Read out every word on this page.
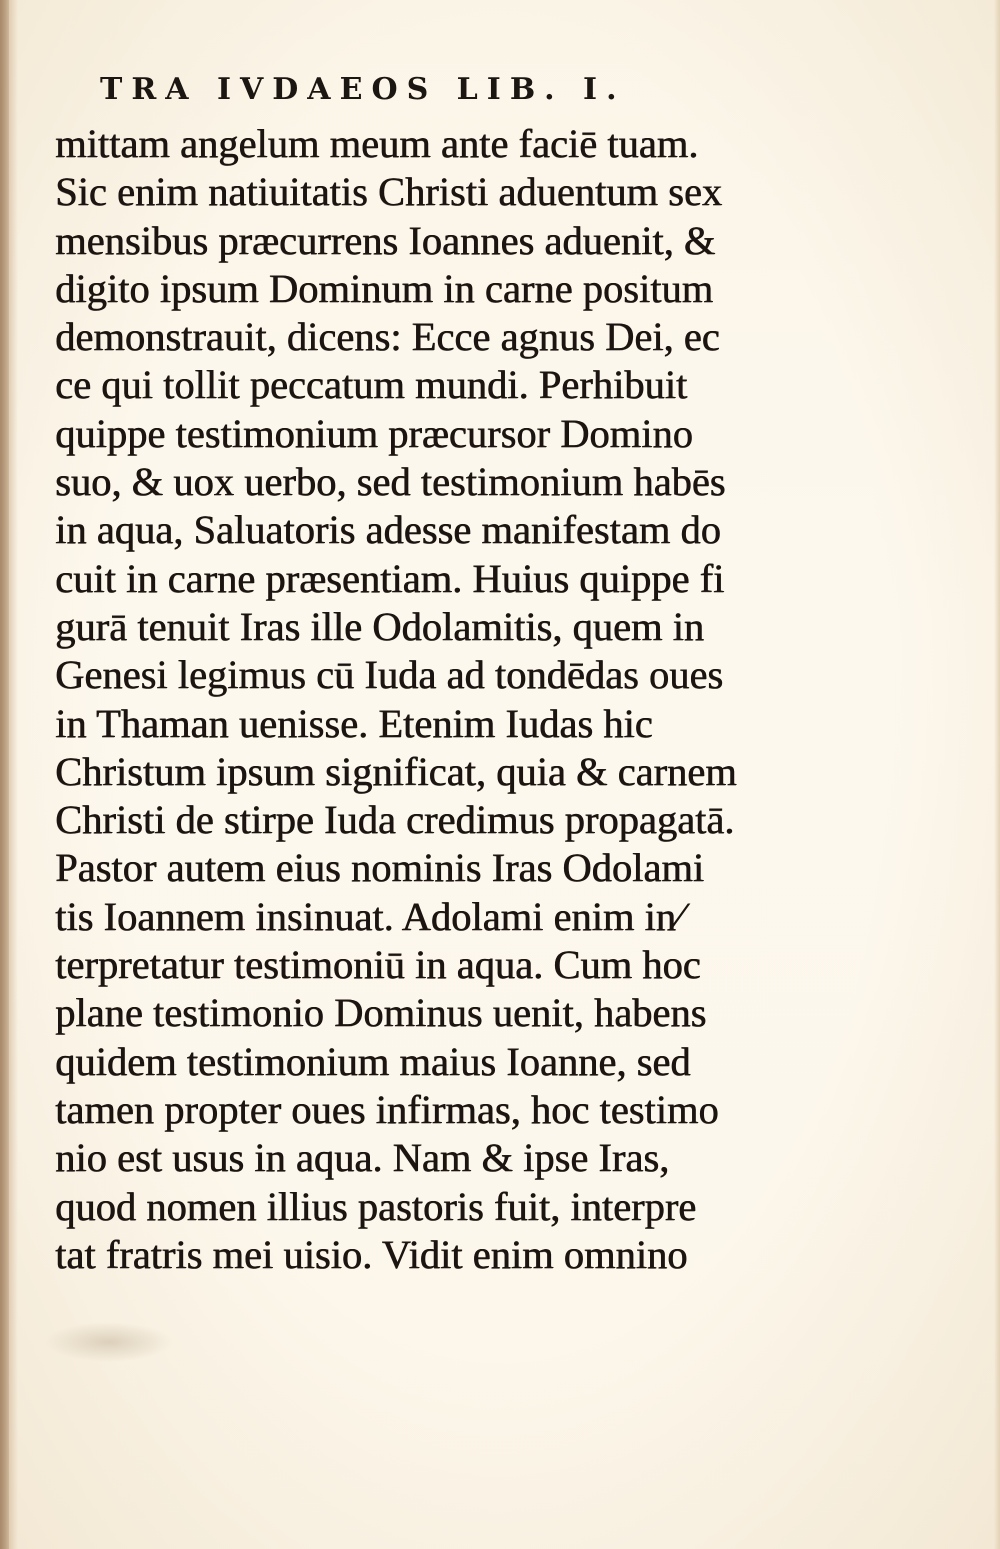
TRA IVDAEOS LIB. I.
mittam angelum meum ante faciē tuam.
Sic enim natiuitatis Christi aduentum sex
mensibus præcurrens Ioannes aduenit, &
digito ipsum Dominum in carne positum
demonstrauit, dicens: Ecce agnus Dei, ec
ce qui tollit peccatum mundi. Perhibuit
quippe testimonium præcursor Domino
suo, & uox uerbo, sed testimonium habēs
in aqua, Saluatoris adesse manifestam do
cuit in carne præsentiam. Huius quippe fi
gurā tenuit Iras ille Odolamitis, quem in
Genesi legimus cū Iuda ad tondēdas oues
in Thaman uenisse. Etenim Iudas hic
Christum ipsum significat, quia & carnem
Christi de stirpe Iuda credimus propagatā.
Pastor autem eius nominis Iras Odolami
tis Ioannem insinuat. Adolami enim in⁄
terpretatur testimoniū in aqua. Cum hoc
plane testimonio Dominus uenit, habens
quidem testimonium maius Ioanne, sed
tamen propter oues infirmas, hoc testimo
nio est usus in aqua. Nam & ipse Iras,
quod nomen illius pastoris fuit, interpre
tat fratris mei uisio. Vidit enim omnino
